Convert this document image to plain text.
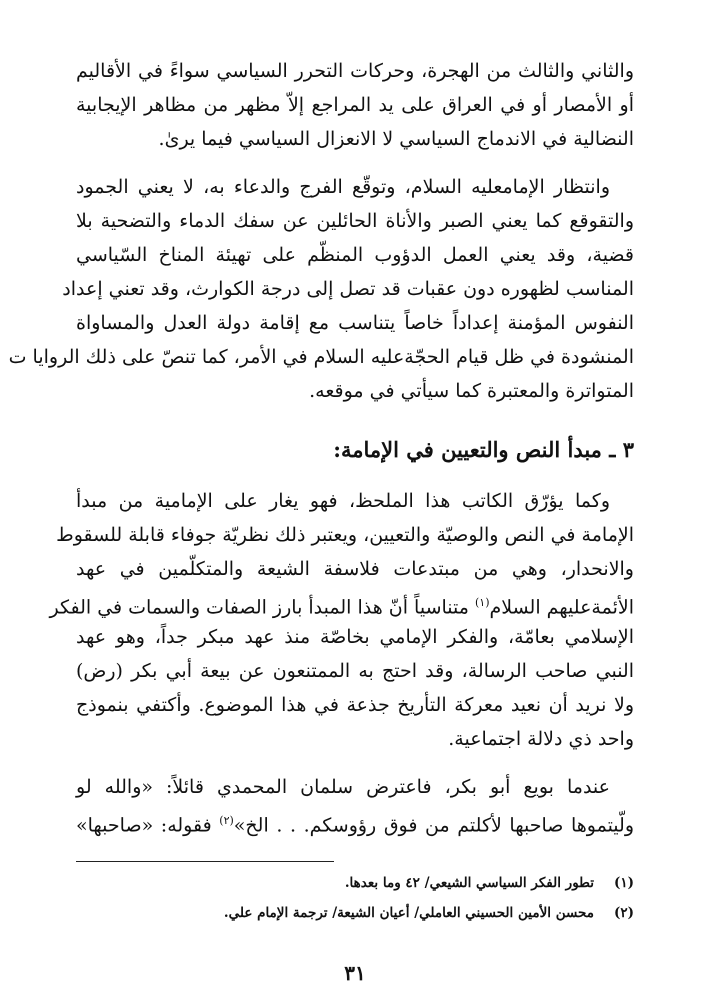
والثاني والثالث من الهجرة، وحركات التحرر السياسي سواءً في الأقاليم
أو الأمصار أو في العراق على يد المراجع إلاّ مظهر من مظاهر الإيجابية
النضالية في الاندماج السياسي لا الانعزال السياسي فيما يرىٰ.
وانتظار الإمامعليه السلام، وتوقّع الفرج والدعاء به، لا يعني الجمود
والتقوقع كما يعني الصبر والأناة الحائلين عن سفك الدماء والتضحية بلا
قضية، وقد يعني العمل الدؤوب المنظّم على تهيئة المناخ السّياسي
المناسب لظهوره دون عقبات قد تصل إلى درجة الكوارث، وقد تعني إعداد
النفوس المؤمنة إعداداً خاصاً يتناسب مع إقامة دولة العدل والمساواة
المنشودة في ظل قيام الحجّةعليه السلام في الأمر، كما تنصّ على ذلك الروايا ت
المتواترة والمعتبرة كما سيأتي في موقعه.
٣ ـ مبدأ النص والتعيين في الإمامة:
وكما يؤرّق الكاتب هذا الملحظ، فهو يغار على الإمامية من مبدأ
الإمامة في النص والوصيّة والتعيين، ويعتبر ذلك نظريّة جوفاء قابلة للسقوط
والانحدار، وهي من مبتدعات فلاسفة الشيعة والمتكلّمين في عهد
الأئمةعليهم السلام$^{(١)}$ متناسياً أنّ هذا المبدأ بارز الصفات والسمات في الفكر
الإسلامي بعامّة، والفكر الإمامي بخاصّة منذ عهد مبكر جداً، وهو عهد
النبي صاحب الرسالة، وقد احتج به الممتنعون عن بيعة أبي بكر (رض)
ولا نريد أن نعيد معركة التأريخ جذعة في هذا الموضوع. وأكتفي بنموذج
واحد ذي دلالة اجتماعية.
عندما بويع أبو بكر، فاعترض سلمان المحمدي قائلاً: «والله لو
ولّيتموها صاحبها لأكلتم من فوق رؤوسكم. . . الخ»$^{(٢)}$ فقوله: «صاحبها»
(١)تطور الفكر السياسي الشيعي/ ٤٢ وما بعدها.
(٢)محسن الأمين الحسيني العاملي/ أعيان الشيعة/ ترجمة الإمام علي.
٣١
